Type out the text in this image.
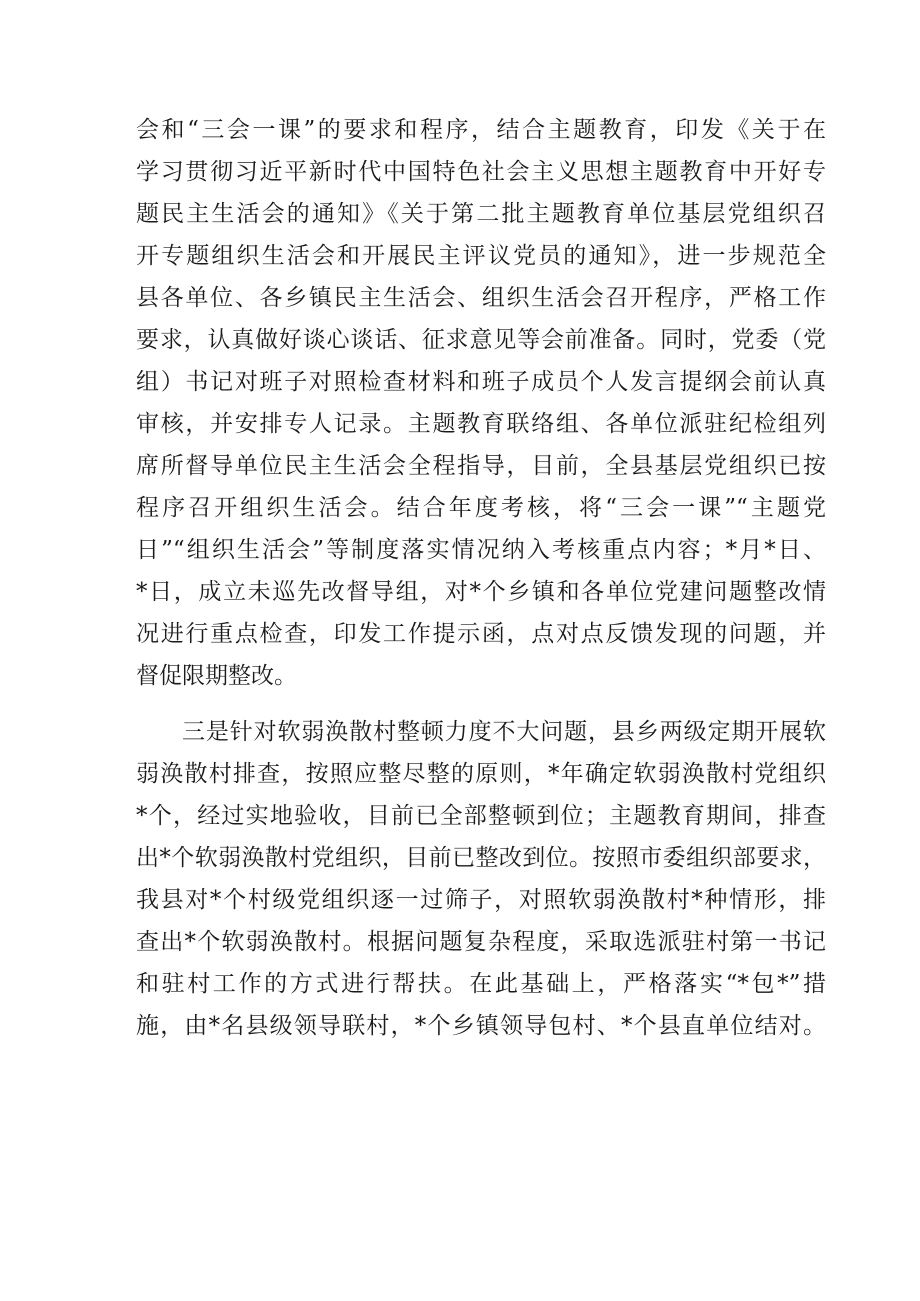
会和“三会一课”的要求和程序，结合主题教育，印发《关于在
学习贯彻习近平新时代中国特色社会主义思想主题教育中开好专
题民主生活会的通知》《关于第二批主题教育单位基层党组织召
开专题组织生活会和开展民主评议党员的通知》，进一步规范全
县各单位、各乡镇民主生活会、组织生活会召开程序，严格工作
要求，认真做好谈心谈话、征求意见等会前准备。同时，党委（党
组）书记对班子对照检查材料和班子成员个人发言提纲会前认真
审核，并安排专人记录。主题教育联络组、各单位派驻纪检组列
席所督导单位民主生活会全程指导，目前，全县基层党组织已按
程序召开组织生活会。结合年度考核，将“三会一课”“主题党
日”“组织生活会”等制度落实情况纳入考核重点内容；*月*日、
*日，成立未巡先改督导组，对*个乡镇和各单位党建问题整改情
况进行重点检查，印发工作提示函，点对点反馈发现的问题，并
督促限期整改。
三是针对软弱涣散村整顿力度不大问题，县乡两级定期开展软
弱涣散村排查，按照应整尽整的原则，*年确定软弱涣散村党组织
*个，经过实地验收，目前已全部整顿到位；主题教育期间，排查
出*个软弱涣散村党组织，目前已整改到位。按照市委组织部要求，
我县对*个村级党组织逐一过筛子，对照软弱涣散村*种情形，排
查出*个软弱涣散村。根据问题复杂程度，采取选派驻村第一书记
和驻村工作的方式进行帮扶。在此基础上，严格落实“*包*”措
施，由*名县级领导联村，*个乡镇领导包村、*个县直单位结对。
